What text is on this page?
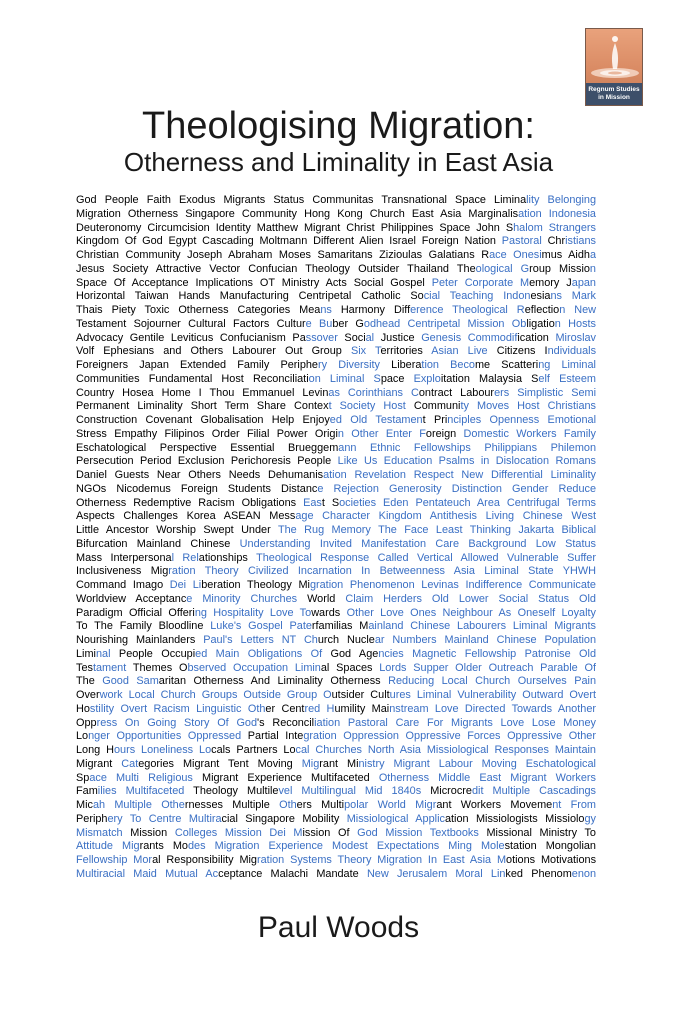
Regnum Studies in Mission
Theologising Migration:
Otherness and Liminality in East Asia
God People Faith Exodus Migrants Status Communitas Transnational Space Liminality Belonging
Migration Otherness Singapore Community Hong Kong Church East Asia Marginalisation Indonesia
Deuteronomy Circumcision Identity Matthew Migrant Christ Philippines Space John Shalom Strangers
Kingdom Of God Egypt Cascading Moltmann Different Alien Israel Foreign Nation Pastoral Christians
Christian Community Joseph Abraham Moses Samaritans Zizioulas Galatians Race Onesimus Aidha
Jesus Society Attractive Vector Confucian Theology Outsider Thailand Theological Group Mission
Space Of Acceptance Implications OT Ministry Acts Social Gospel Peter Corporate Memory Japan
Horizontal Taiwan Hands Manufacturing Centripetal Catholic Social Teaching Indonesians Mark
Thais Piety Toxic Otherness Categories Means Harmony Difference Theological Reflection New
Testament Sojourner Cultural Factors Culture Buber Godhead Centripetal Mission Obligation Hosts
Advocacy Gentile Leviticus Confucianism Passover Social Justice Genesis Commodification Miroslav
Volf Ephesians and Others Labourer Out Group Six Territories Asian Live Citizens Individuals
Foreigners Japan Extended Family Periphery Diversity Liberation Become Scattering Liminal
Communities Fundamental Host Reconciliation Liminal Space Exploitation Malaysia Self Esteem
Country Hosea Home I Thou Emmanuel Levinas Corinthians Contract Labourers Simplistic Semi
Permanent Liminality Short Term Share Context Society Host Community Moves Host Christians
Construction Covenant Globalisation Help Enjoyed Old Testament Principles Openness Emotional
Stress Empathy Filipinos Order Filial Power Origin Other Enter Foreign Domestic Workers Family
Eschatological Perspective Essential Brueggemann Ethnic Fellowships Philippians Philemon
Persecution Period Exclusion Perichoresis People Like Us Education Psalms in Dislocation Romans
Daniel Guests Near Others Needs Dehumanisation Revelation Respect New Differential Liminality
NGOs Nicodemus Foreign Students Distance Rejection Generosity Distinction Gender Reduce
Otherness Redemptive Racism Obligations East Societies Eden Pentateuch Area Centrifugal Terms
Aspects Challenges Korea ASEAN Message Character Kingdom Antithesis Living Chinese West
Little Ancestor Worship Swept Under The Rug Memory The Face Least Thinking Jakarta Biblical
Bifurcation Mainland Chinese Understanding Invited Manifestation Care Background Low Status
Mass Interpersonal Relationships Theological Response Called Vertical Allowed Vulnerable Suffer
Inclusiveness Migration Theory Civilized Incarnation In Betweenness Asia Liminal State YHWH
Command Imago Dei Liberation Theology Migration Phenomenon Levinas Indifference Communicate
Worldview Acceptance Minority Churches World Claim Herders Old Lower Social Status Old
Paradigm Official Offering Hospitality Love Towards Other Love Ones Neighbour As Oneself Loyalty
To The Family Bloodline Luke's Gospel Paterfamilias Mainland Chinese Labourers Liminal Migrants
Nourishing Mainlanders Paul's Letters NT Church Nuclear Numbers Mainland Chinese Population
Liminal People Occupied Main Obligations Of God Agencies Magnetic Fellowship Patronise Old
Testament Themes Observed Occupation Liminal Spaces Lords Supper Older Outreach Parable Of
The Good Samaritan Otherness And Liminality Otherness Reducing Local Church Ourselves Pain
Overwork Local Church Groups Outside Group Outsider Cultures Liminal Vulnerability Outward Overt
Hostility Overt Racism Linguistic Other Centred Humility Mainstream Love Directed Towards Another
Oppress On Going Story Of God's Reconciliation Pastoral Care For Migrants Love Lose Money
Longer Opportunities Oppressed Partial Integration Oppression Oppressive Forces Oppressive Other
Long Hours Loneliness Locals Partners Local Churches North Asia Missiological Responses Maintain
Migrant Categories Migrant Tent Moving Migrant Ministry Migrant Labour Moving Eschatological
Space Multi Religious Migrant Experience Multifaceted Otherness Middle East Migrant Workers
Families Multifaceted Theology Multilevel Multilingual Mid 1840s Microcredit Multiple Cascadings
Micah Multiple Othernesses Multiple Others Multipolar World Migrant Workers Movement From
Periphery To Centre Multiracial Singapore Mobility Missiological Application Missiologists Missiology
Mismatch Mission Colleges Mission Dei Mission Of God Mission Textbooks Missional Ministry To
Attitude Migrants Modes Migration Experience Modest Expectations Ming Molestation Mongolian
Fellowship Moral Responsibility Migration Systems Theory Migration In East Asia Motions Motivations
Multiracial Maid Mutual Acceptance Malachi Mandate New Jerusalem Moral Linked Phenomenon
Paul Woods
